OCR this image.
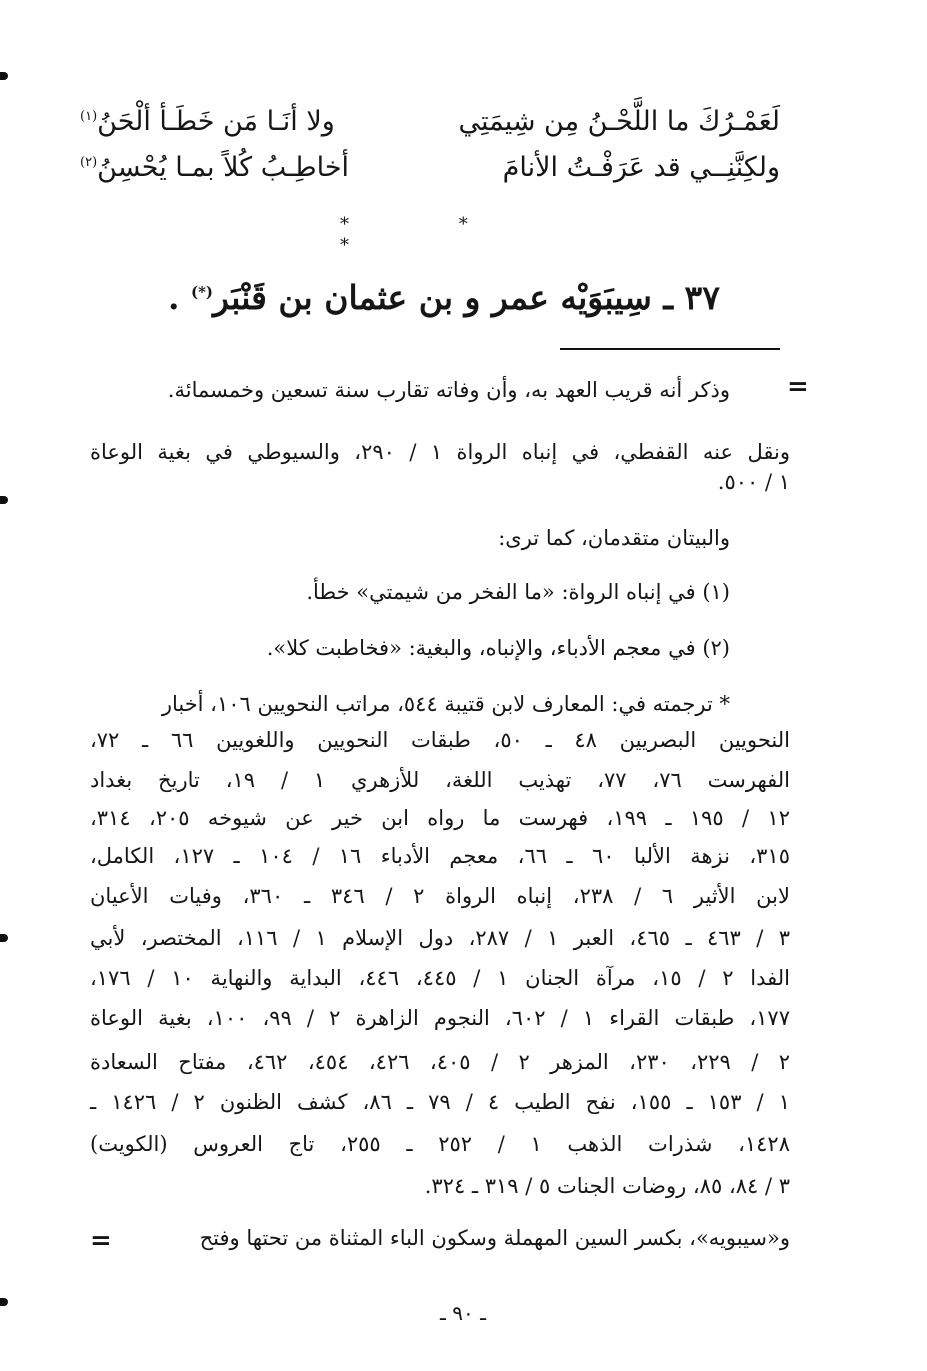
لَعَمْـرُكَ ما اللَّحْـنُ مِن شِيمَتِي
ولا أنَـا مَن خَطَـأ ألْحَنُ$^{(١)}$
ولكِنَّنِــي قد عَرَفْـتُ الأنامَ
أخاطِـبُ كُلاً بمـا يُحْسِنُ$^{(٢)}$
* * *
٣٧ ـ سِيبَوَيْه عمر و بن عثمان بن قَنْبَر(*) .
=
وذكر أنه قريب العهد به، وأن وفاته تقارب سنة تسعين وخمسمائة.
ونقل عنه القفطي، في إنباه الرواة ١ / ٢٩٠، والسيوطي في بغية الوعاة
١ / ٥٠٠.
والبيتان متقدمان، كما ترى:
(١) في إنباه الرواة: «ما الفخر من شيمتي» خطأ.
(٢) في معجم الأدباء، والإنباه، والبغية: «فخاطبت كلا».
* ترجمته في: المعارف لابن قتيبة ٥٤٤، مراتب النحويين ١٠٦، أخبار
النحويين البصريين ٤٨ ـ ٥٠، طبقات النحويين واللغويين ٦٦ ـ ٧٢،
الفهرست ٧٦، ٧٧، تهذيب اللغة، للأزهري ١ / ١٩، تاريخ بغداد
١٢ / ١٩٥ ـ ١٩٩، فهرست ما رواه ابن خير عن شيوخه ٢٠٥، ٣١٤،
٣١٥، نزهة الألبا ٦٠ ـ ٦٦، معجم الأدباء ١٦ / ١٠٤ ـ ١٢٧، الكامل،
لابن الأثير ٦ / ٢٣٨، إنباه الرواة ٢ / ٣٤٦ ـ ٣٦٠، وفيات الأعيان
٣ / ٤٦٣ ـ ٤٦٥، العبر ١ / ٢٨٧، دول الإسلام ١ / ١١٦، المختصر، لأبي
الفدا ٢ / ١٥، مرآة الجنان ١ / ٤٤٥، ٤٤٦، البداية والنهاية ١٠ / ١٧٦،
١٧٧، طبقات القراء ١ / ٦٠٢، النجوم الزاهرة ٢ / ٩٩، ١٠٠، بغية الوعاة
٢ / ٢٢٩، ٢٣٠، المزهر ٢ / ٤٠٥، ٤٢٦، ٤٥٤، ٤٦٢، مفتاح السعادة
١ / ١٥٣ ـ ١٥٥، نفح الطيب ٤ / ٧٩ ـ ٨٦، كشف الظنون ٢ / ١٤٢٦ ـ
١٤٢٨، شذرات الذهب ١ / ٢٥٢ ـ ٢٥٥، تاج العروس (الكويت)
٣ / ٨٤، ٨٥، روضات الجنات ٥ / ٣١٩ ـ ٣٢٤.
و«سيبويه»، بكسر السين المهملة وسكون الباء المثناة من تحتها وفتح
=
ـ ٩٠ ـ
